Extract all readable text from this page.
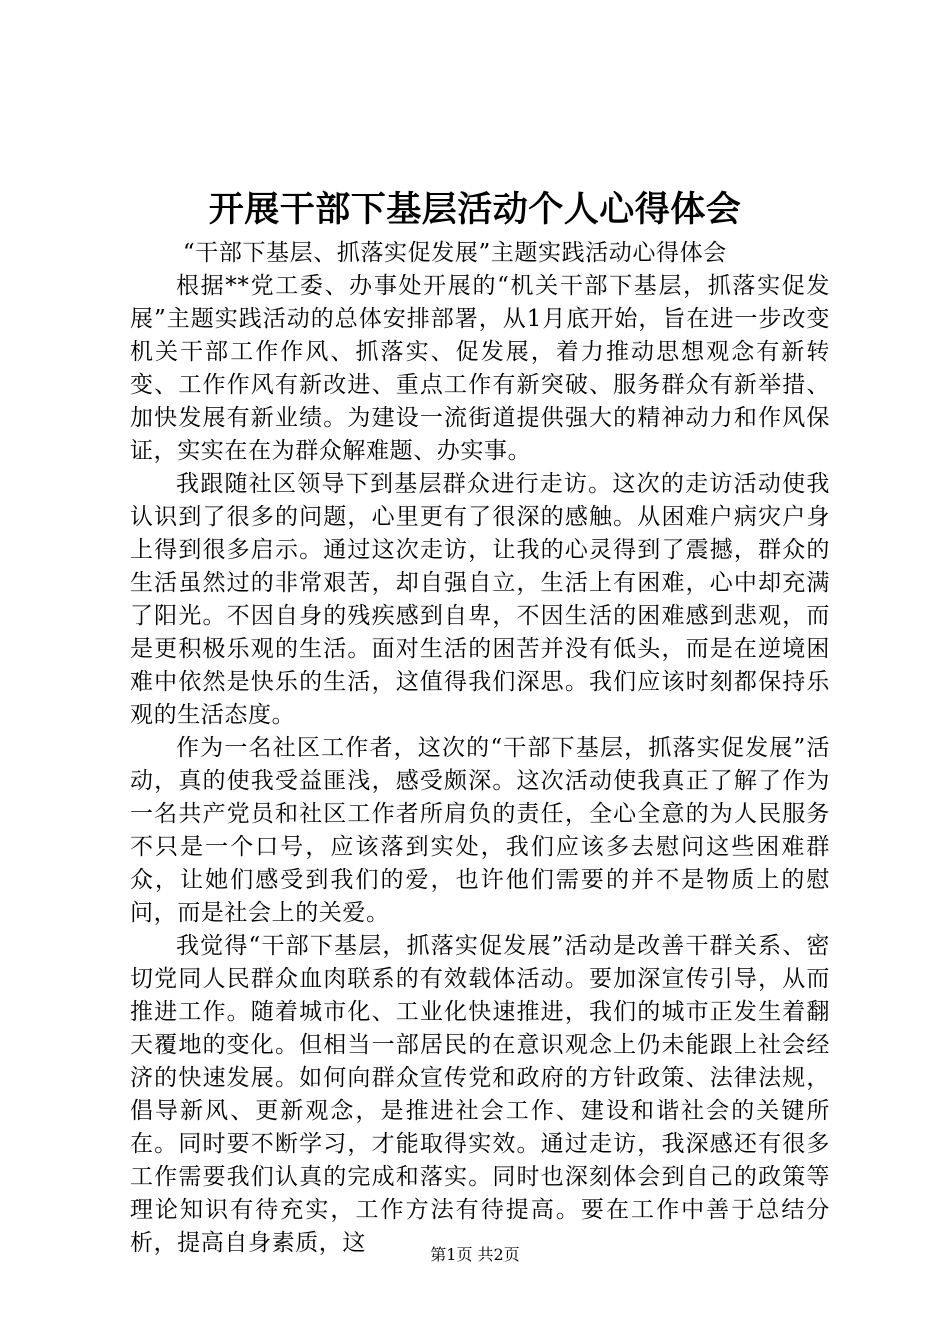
开展干部下基层活动个人心得体会

“干部下基层、抓落实促发展”主题实践活动心得体会

根据**党工委、办事处开展的“机关干部下基层，抓落实促发展”主题实践活动的总体安排部署，从1月底开始，旨在进一步改变机关干部工作作风、抓落实、促发展，着力推动思想观念有新转变、工作作风有新改进、重点工作有新突破、服务群众有新举措、加快发展有新业绩。为建设一流街道提供强大的精神动力和作风保证，实实在在为群众解难题、办实事。

我跟随社区领导下到基层群众进行走访。这次的走访活动使我认识到了很多的问题，心里更有了很深的感触。从困难户病灾户身上得到很多启示。通过这次走访，让我的心灵得到了震撼，群众的生活虽然过的非常艰苦，却自强自立，生活上有困难，心中却充满了阳光。不因自身的残疾感到自卑，不因生活的困难感到悲观，而是更积极乐观的生活。面对生活的困苦并没有低头，而是在逆境困难中依然是快乐的生活，这值得我们深思。我们应该时刻都保持乐观的生活态度。

作为一名社区工作者，这次的“干部下基层，抓落实促发展”活动，真的使我受益匪浅，感受颇深。这次活动使我真正了解了作为一名共产党员和社区工作者所肩负的责任，全心全意的为人民服务不只是一个口号，应该落到实处，我们应该多去慰问这些困难群众，让她们感受到我们的爱，也许他们需要的并不是物质上的慰问，而是社会上的关爱。

我觉得“干部下基层，抓落实促发展”活动是改善干群关系、密切党同人民群众血肉联系的有效载体活动。要加深宣传引导，从而推进工作。随着城市化、工业化快速推进，我们的城市正发生着翻天覆地的变化。但相当一部居民的在意识观念上仍未能跟上社会经济的快速发展。如何向群众宣传党和政府的方针政策、法律法规，倡导新风、更新观念，是推进社会工作、建设和谐社会的关键所在。同时要不断学习，才能取得实效。通过走访，我深感还有很多工作需要我们认真的完成和落实。同时也深刻体会到自己的政策等理论知识有待充实，工作方法有待提高。要在工作中善于总结分析，提高自身素质，这	第1页 共2页
